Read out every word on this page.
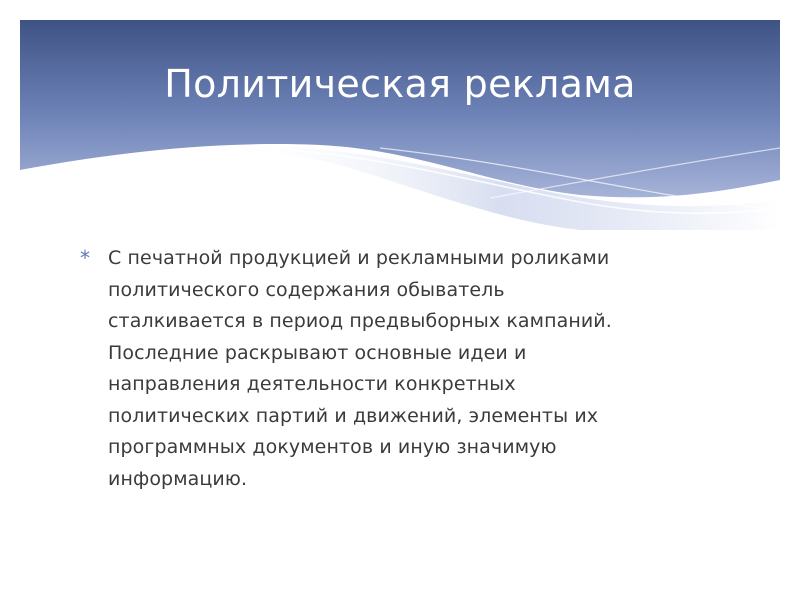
Политическая реклама
* С печатной продукцией и рекламными роликами
политического содержания обыватель
сталкивается в период предвыборных кампаний.
Последние раскрывают основные идеи и
направления деятельности конкретных
политических партий и движений, элементы их
программных документов и иную значимую
информацию.
